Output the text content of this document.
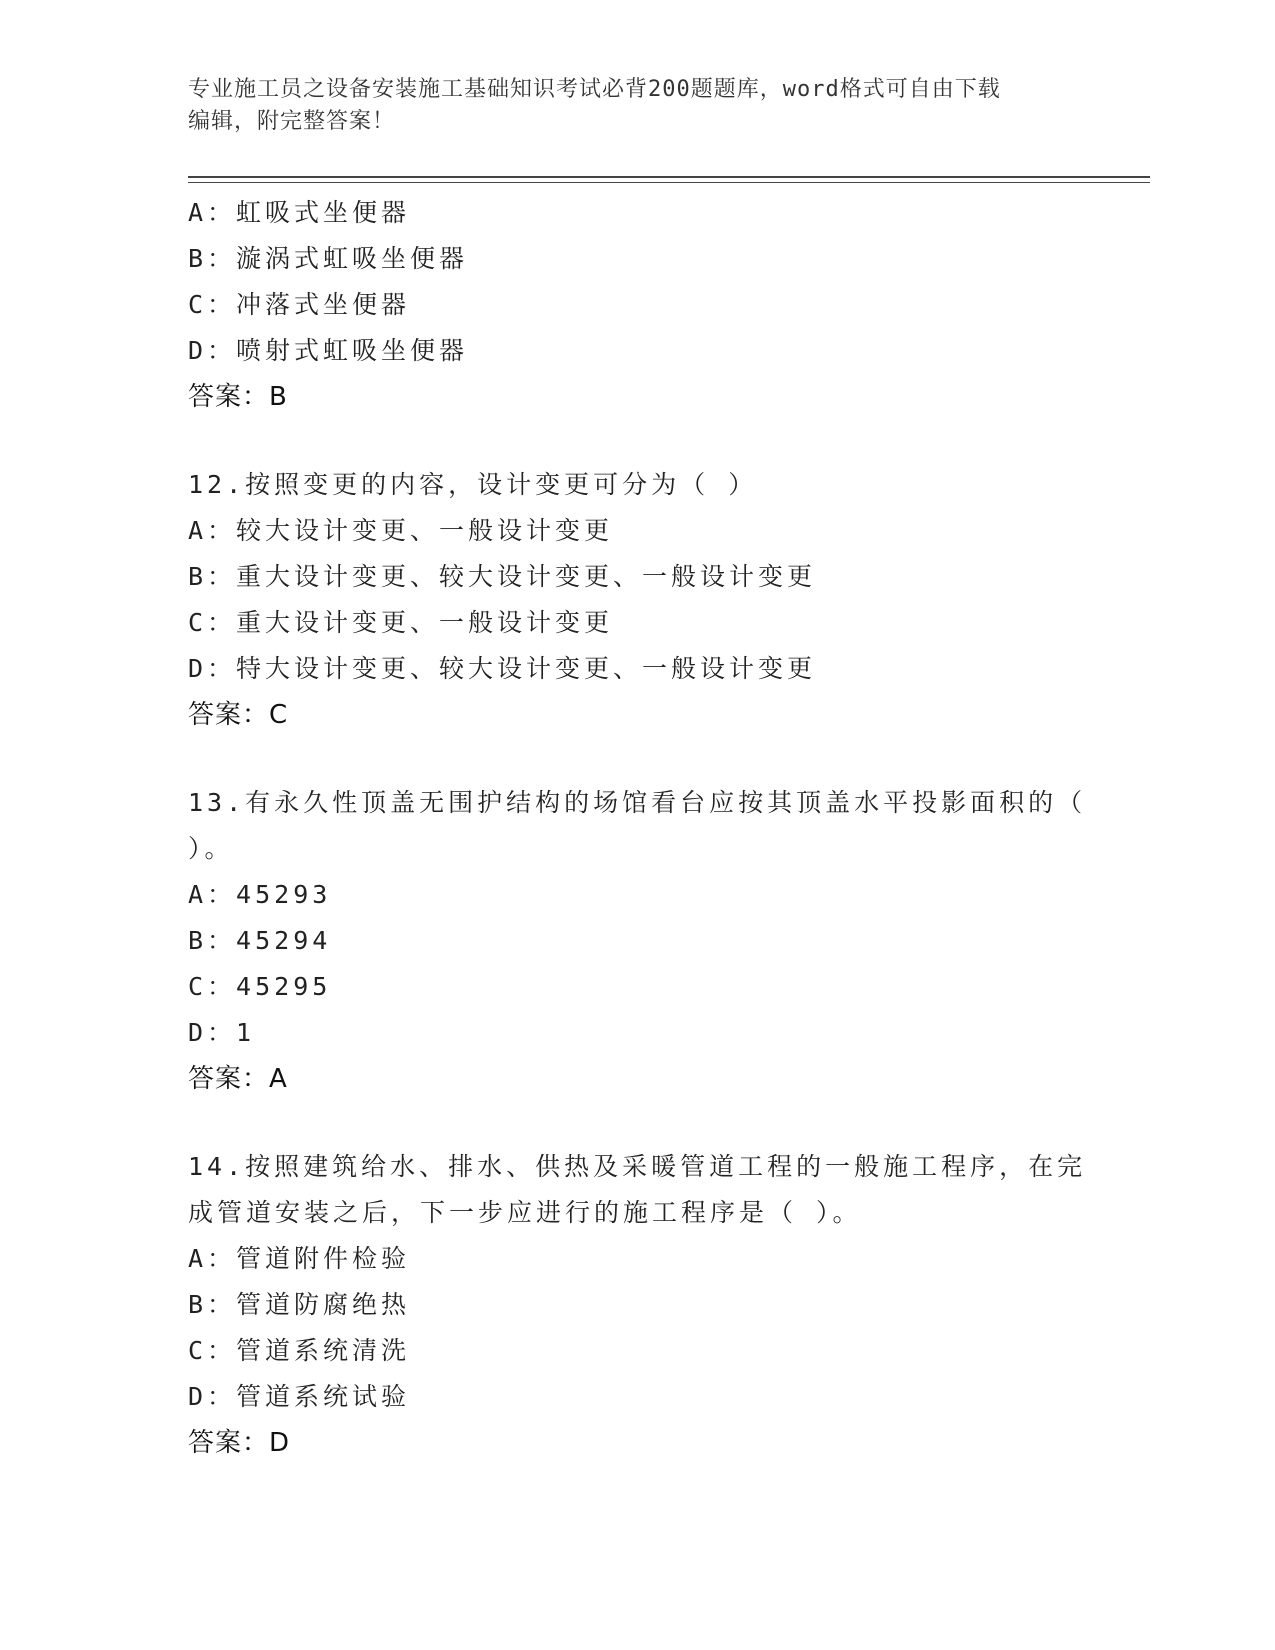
专业施工员之设备安装施工基础知识考试必背200题题库，word格式可自由下载
编辑，附完整答案！
A：虹吸式坐便器
B：漩涡式虹吸坐便器
C：冲落式坐便器
D：喷射式虹吸坐便器
答案：B
12.按照变更的内容，设计变更可分为（ ）
A：较大设计变更、一般设计变更
B：重大设计变更、较大设计变更、一般设计变更
C：重大设计变更、一般设计变更
D：特大设计变更、较大设计变更、一般设计变更
答案：C
13.有永久性顶盖无围护结构的场馆看台应按其顶盖水平投影面积的（ ）。
A：45293
B：45294
C：45295
D：1
答案：A
14.按照建筑给水、排水、供热及采暖管道工程的一般施工程序，在完成管道安装之后，下一步应进行的施工程序是（ ）。
A：管道附件检验
B：管道防腐绝热
C：管道系统清洗
D：管道系统试验
答案：D
